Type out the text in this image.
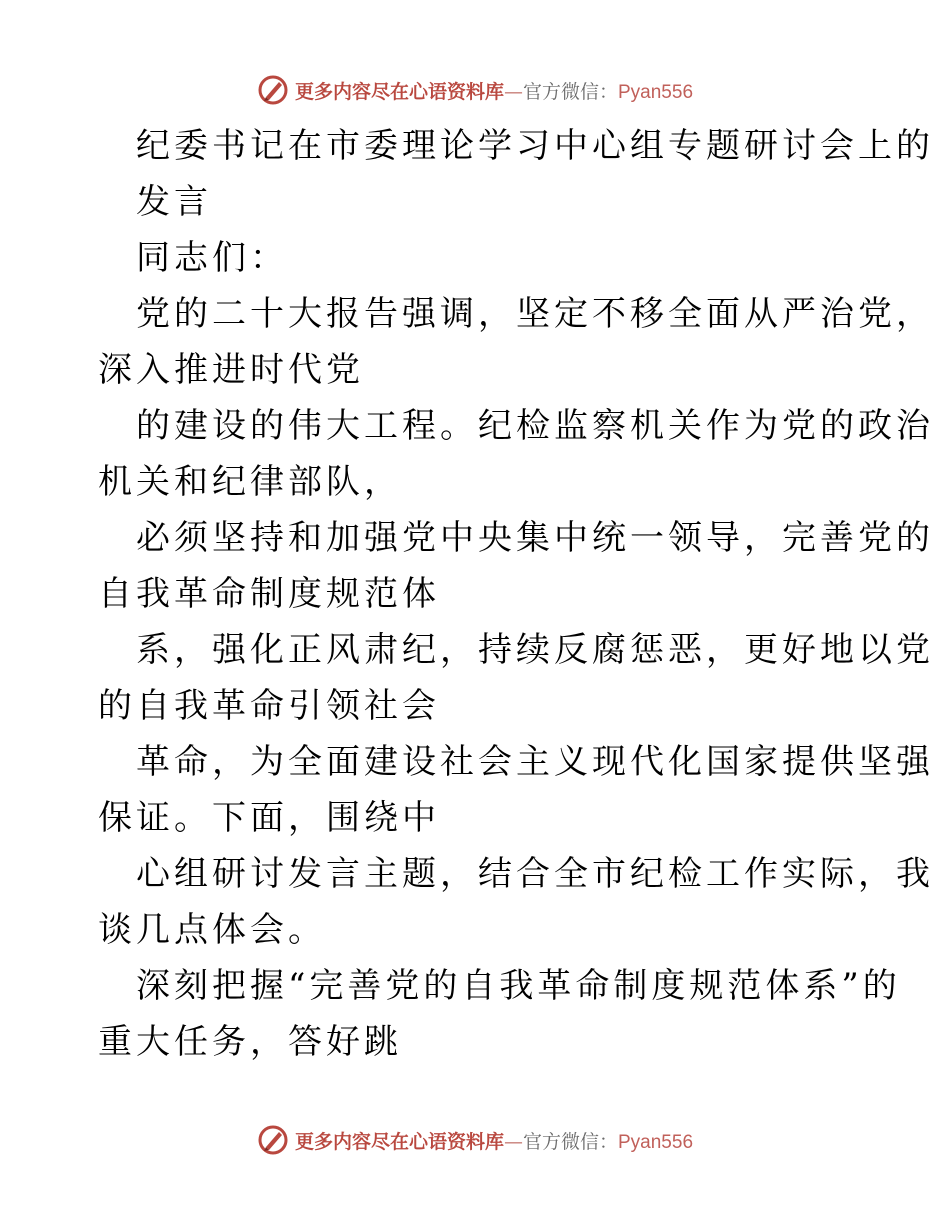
更多内容尽在心语资料库—官方微信：Pyan556
纪委书记在市委理论学习中心组专题研讨会上的
发言
同志们：
党的二十大报告强调，坚定不移全面从严治党，
深入推进时代党
的建设的伟大工程。纪检监察机关作为党的政治
机关和纪律部队，
必须坚持和加强党中央集中统一领导，完善党的
自我革命制度规范体
系，强化正风肃纪，持续反腐惩恶，更好地以党
的自我革命引领社会
革命，为全面建设社会主义现代化国家提供坚强
保证。下面，围绕中
心组研讨发言主题，结合全市纪检工作实际，我
谈几点体会。
深刻把握“完善党的自我革命制度规范体系”的
重大任务，答好跳
更多内容尽在心语资料库—官方微信：Pyan556
